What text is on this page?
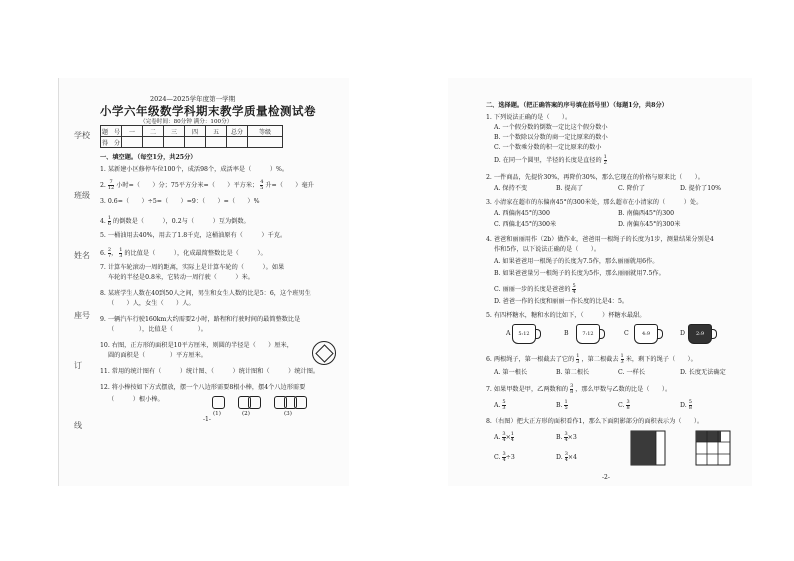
学校
班级
姓名
座号
订
线
2024—2025学年度第一学期
小学六年级数学科期末教学质量检测试卷
（完卷时间：80分钟 满分：100分）
题　号	一	二	三	四	五	总分	等级
得　分							
一、填空题。（每空1分，共25分）
1. 某新建小区修停车位100个，成活98个，成活率是（　　　）%。
2. $\frac{7}{12}$ 小时=（　　）分；75平方分米=（　　）平方米； $\frac{4}{5}$ 升=（　　）毫升
3. 0.6=（　　）÷5=（　　）=9：（　　）=（　　）%
4. $\frac{1}{6}$ 的倒数是（　　　），0.2与（　　　）互为倒数。
5. 一桶油用去40%，用去了1.8千克，这桶油原有（　　　）千克。
6. $\frac{2}{7}$ ， $\frac{1}{3}$ 的比值是（　　　），化成最简整数比是（　　　）。
7. 计算车轮滚动一周的距离，实际上是计算车轮的（　　　）。如果
车轮的半径是0.8米，它转动一周行驶（　　　）米。
8. 某班学生人数在40到50人之间，男生和女生人数的比是5：6，这个班男生
（　　）人，女生（　　）人。
9. 一辆汽车行驶160km大约需要2小时，路程和行驶时间的最简整数比是
（　　　　），比值是（　　　　）。
10. 右图，正方形的面积是10平方厘米，则圆的半径是（　　）厘米，
圆的面积是（　　　　）平方厘米。
11. 常用的统计图有（　　　）统计图、（　　　）统计图和（　　　）统计图。
12. 将小棒按如下方式摆放，摆一个八边形需要8根小棒，摆4个八边形需要
（　　　）根小棒。
(1)	(2)	(3)
-1-
二、选择题。（把正确答案的序号填在括号里）（每题1分，共8分）
1. 下列说法正确的是（　　）。
A. 一个假分数的倒数一定比这个假分数小
B. 一个数除以分数的商一定比原来的数小
C. 一个数乘分数的积一定比原来的数小
D. 在同一个圆里，半径的长度是直径的 $\frac{1}{2}$
2. 一件商品，先提价30%，再降价30%，那么它现在的价格与原来比（　　）。
A. 保持不变	B. 提高了	C. 降价了	D. 提价了10%
3. 小清家在超市的东偏南45°的300米处，那么超市在小清家的（　　　）处。
A. 西偏南45°的300	B. 南偏西45°的300
C. 西偏北45°的300米	D. 南偏东45°的300米
4. 爸爸和丽丽用作（2b）做作业，爸爸用一根绳子的长度为1步，测量结果分别是4
作和5作，以下说法正确的是（　　）。
A. 如果爸爸用一根绳子的长度为7.5作，那么丽丽就用6作。
B. 如果爸爸量另一根绳子的长度为5作，那么丽丽就用7.5作。
C. 丽丽一步的长度是爸爸的 $\frac{5}{4}$
D. 爸爸一作的长度和丽丽一作长度的比是4：5。
5. 有四杯糖水，糖和水的比如下，（　　　）杯糖水最甜。
A	5:12	B	7:12	C	4:9	D	2:9
6. 两根绳子，第一根截去了它的 $\frac{1}{3}$ ，第二根截去 $\frac{1}{3}$ 米，剩下的绳子（　　）。
A. 第一根长	B. 第二根长	C. 一样长	D. 长度无法确定
7. 如果甲数是甲，乙两数和的 $\frac{3}{8}$ ，那么甲数与乙数的比是（　　）。
A. $\frac{5}{3}$	B. $\frac{1}{5}$	C. $\frac{3}{8}$	D. $\frac{5}{8}$
8.（右图）把大正方形的面积看作1，那么下面阴影部分的面积表示为（　　）。
A. $\frac{3}{4} \times \frac{1}{4}$	B. $\frac{3}{4} \times 3$
C. $\frac{3}{4} \div 3$	D. $\frac{3}{4} \times 4$
-2-
